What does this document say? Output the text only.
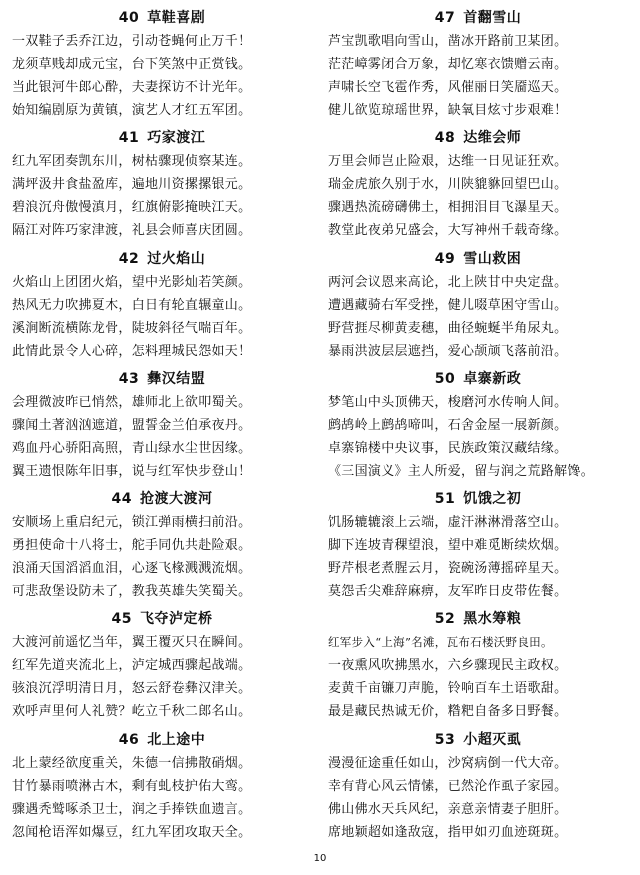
40 草鞋喜剧
一双鞋子丢乔江边，引动苍蝇何止万千！
龙须草贱却成元宝，台下笑煞中正赏钱。
当此银河牛郎心酔，夫妻探访不计光年。
始知编剧原为黄镇，演艺人才红五军团。
41 巧家渡江
红九军团奏凯东川，树枯骤现侦察某连。
满坪汲井食盐盈库，遍地川资摞摞银元。
碧浪沉舟傲慢滇月，红旗俯影掩映江天。
隔江对阵巧家津渡，礼县会师喜庆团圆。
42 过火焰山
火焰山上团团火焰，望中光影灿若笑颜。
热风无力吹拂夏木，白日有轮直辗童山。
溪涧断流横陈龙骨，陡坡斜径气喘百年。
此情此景令人心碎，怎料理城民怨如天！
43 彝汉结盟
会理微波昨已悄然，雄师北上欲叩蜀关。
骤闻土著汹汹遮道，盟誓金兰伯承夜丹。
鸡血丹心骄阳高照，青山绿水尘世因缘。
翼王遗恨陈年旧事，说与红军快步登山！
44 抢渡大渡河
安顺场上重启纪元，锁江弹雨横扫前沿。
勇担使命十八将士，舵手同仇共赴险艰。
浪涌天国滔滔血泪，心逐飞椽溅溅流烟。
可悲敌堡设防未了，教我英雄失笑蜀关。
45 飞夺泸定桥
大渡河前遥忆当年，翼王覆灭只在瞬间。
红军先道夹流北上，泸定城西骤起战端。
骇浪沉浮明清日月，怒云舒卷彝汉津关。
欢呼声里何人礼赞？屹立千秋二郎名山。
46 北上途中
北上蒙经欲度重关，朱德一信拂散硝烟。
甘竹暴雨喷淋古木，剩有虬枝护佑大鸾。
骤遇秃鹫啄杀卫士，润之手捧铁血遗言。
忽闻枪语浑如爆豆，红九军团攻取天全。
47 首翻雪山
芦宝凯歌唱向雪山，凿冰开路前卫某团。
茫茫嶂雾闭合万象，却忆寒衣馈赠云南。
声啸长空飞雹作秀，风催丽日笑靥巡天。
健儿欲览琼瑶世界，缺氧目炫寸步艰难！
48 达维会师
万里会师岂止险艰，达维一日见证狂欢。
瑞金虎旅久别于水，川陕貔貅回望巴山。
骤遇热流磅礴佛土，相拥泪目飞瀑星天。
教堂此夜弟兄盛会，大写神州千载奇缘。
49 雪山救困
两河会议恩来高论，北上陕甘中央定盘。
遭遇藏骑右军受挫，健儿啜草困守雪山。
野营捱尽柳黄麦穗，曲径蜿蜒半角尿丸。
暴雨洪波层层遮挡，爱心颉颃飞落前沿。
50 卓寨新政
梦笔山中头顶佛天，梭磨河水传响人间。
鹧鸪岭上鹧鸪啼叫，石舍金屋一展新颜。
卓寨锦楼中央议事，民族政策汉藏结缘。
《三国演义》主人所爱，留与润之荒路解馋。
51 饥饿之初
饥肠辘辘滚上云端，虚汗淋淋滑落空山。
脚下连坡青稞望浪，望中难觅断续炊烟。
野芹根老煮腥云月，瓷碗汤薄摇碎星天。
莫怨舌尖难辞麻痹，友军昨日皮带佐餐。
52 黑水筹粮
红军步入“上海”名滩，瓦布石楼沃野良田。
一夜熏风吹拂黑水，六乡骤现民主政权。
麦黄千亩镰刀声脆，铃响百车土语歌甜。
最是藏民热诚无价，糌粑自备多日野餐。
53 小超灭虱
漫漫征途重任如山，沙窝病倒一代大帝。
幸有背心风云情愫，已然沦作虱子家园。
佛山佛水天兵风纪，亲意亲情妻子胆肝。
席地颖超如逢敌寇，指甲如刃血迹斑斑。
10
